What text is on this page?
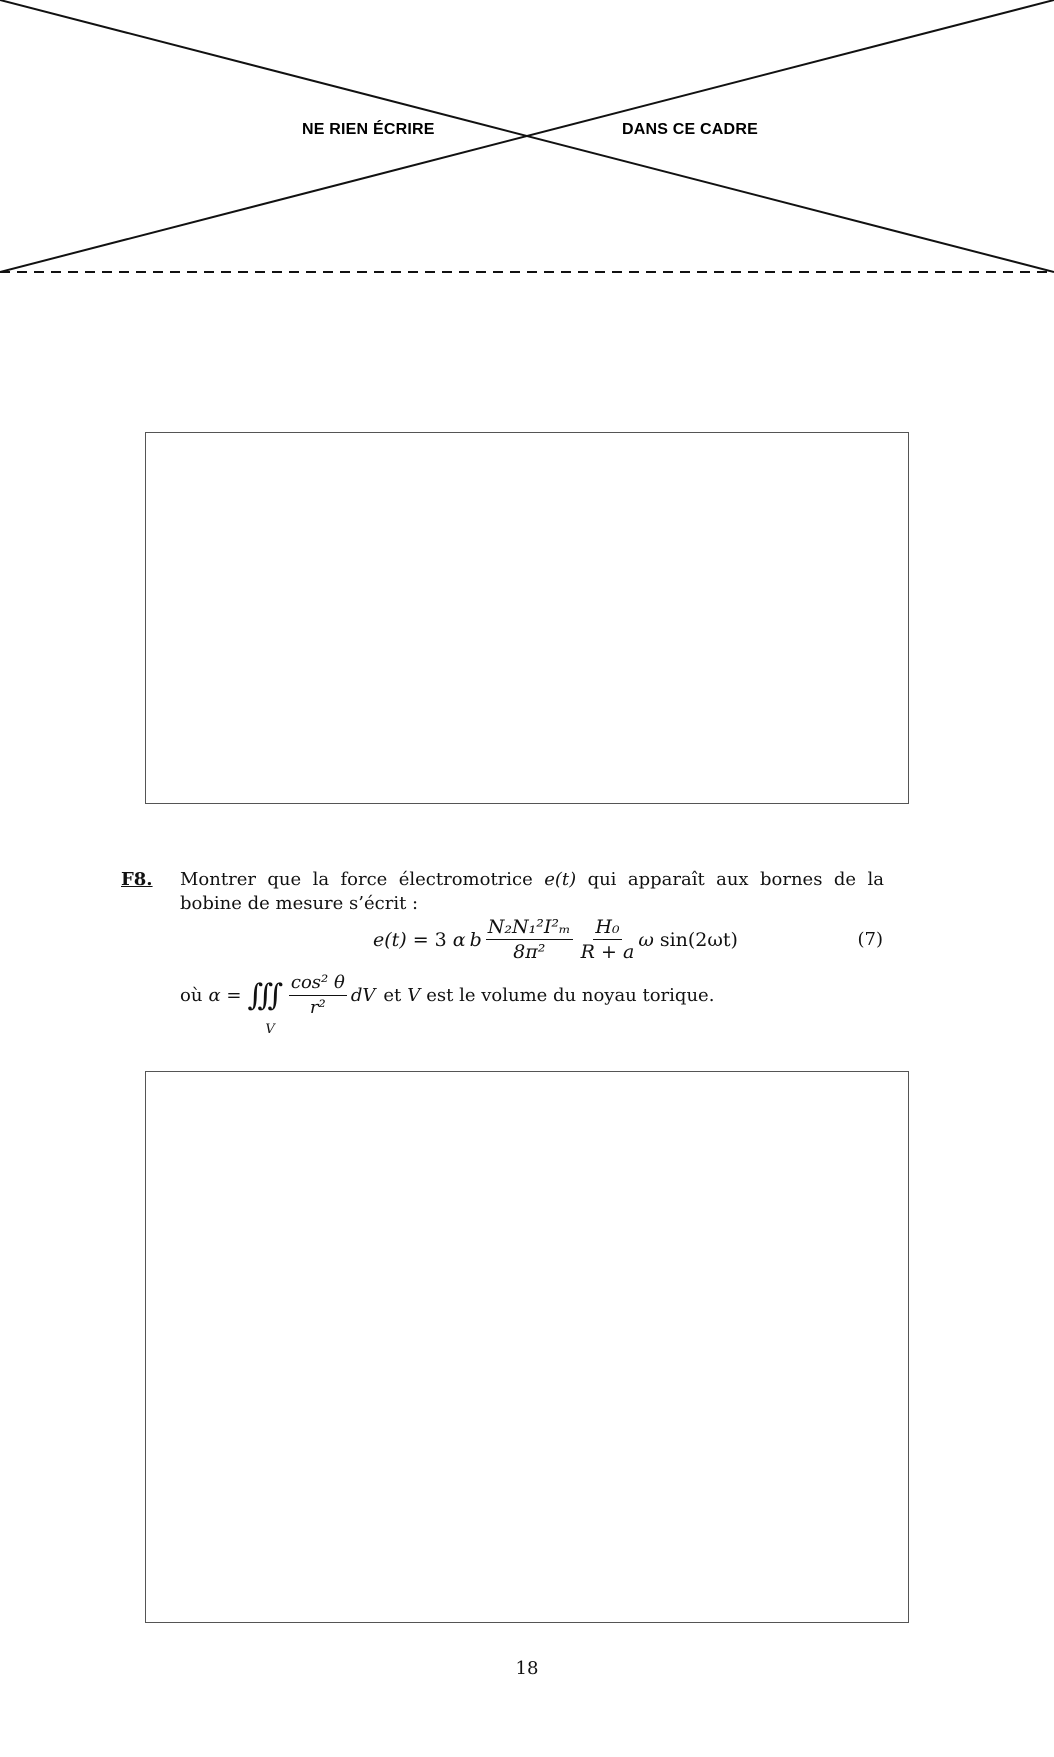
NE RIEN ÉCRIRE	DANS CE CADRE
F8. Montrer que la force électromotrice e(t) qui apparaît aux bornes de la bobine de mesure s’écrit :
e(t) = 3 α b $\frac{\text{N₂N₁²I²ₘ}}{\text{8π²}} \frac{\text{H₀}}{R + a}$ ω sin(2ωt)	(7)
où α = ∭
V
$\frac{\text{cos² θ}}{\text{r²}}$ dV et V est le volume du noyau torique.
18
